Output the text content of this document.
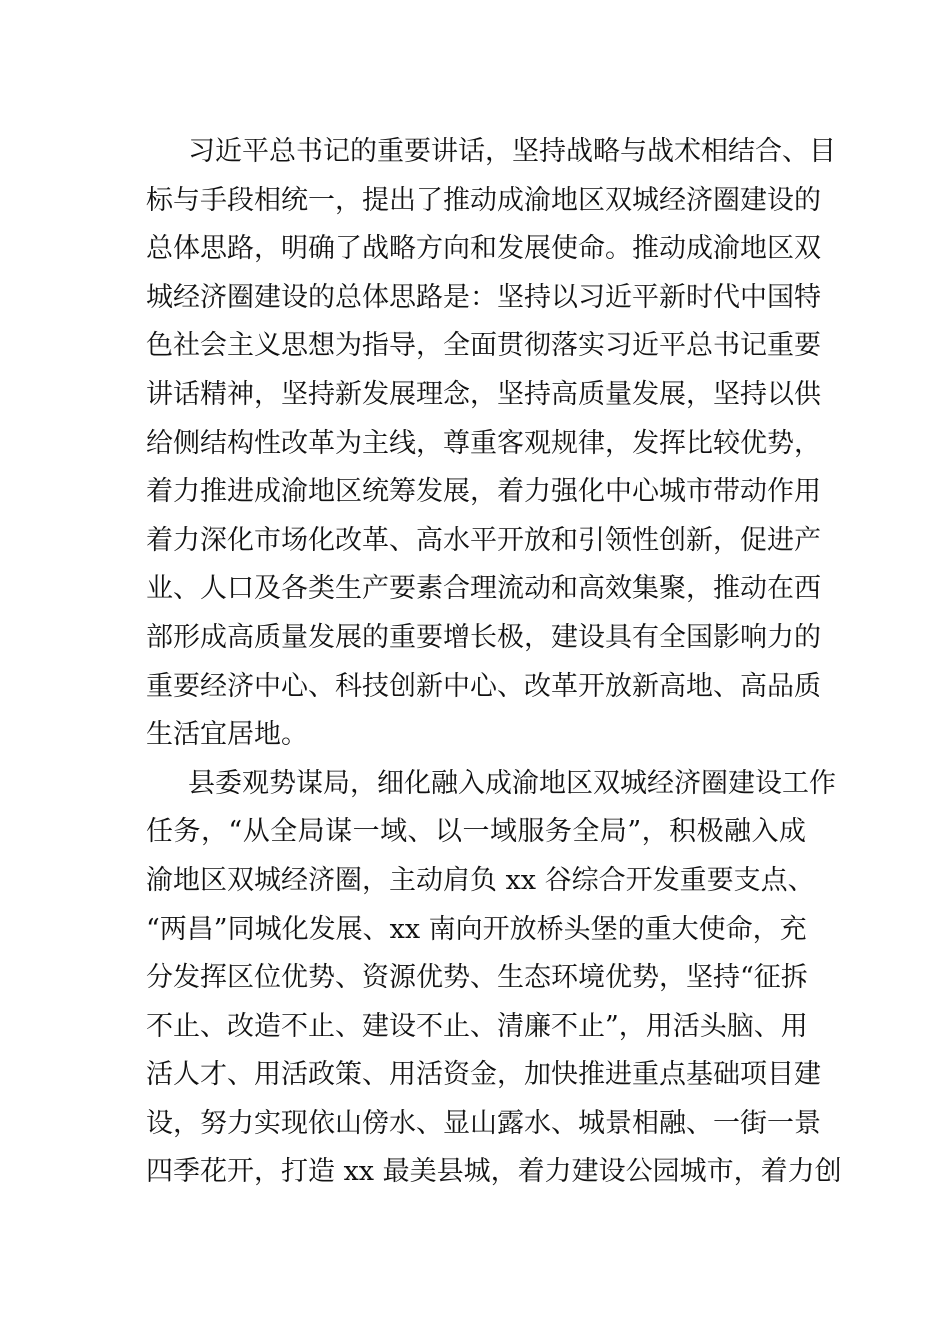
习近平总书记的重要讲话，坚持战略与战术相结合、目
标与手段相统一，提出了推动成渝地区双城经济圈建设的
总体思路，明确了战略方向和发展使命。推动成渝地区双
城经济圈建设的总体思路是：坚持以习近平新时代中国特
色社会主义思想为指导，全面贯彻落实习近平总书记重要
讲话精神，坚持新发展理念，坚持高质量发展，坚持以供
给侧结构性改革为主线，尊重客观规律，发挥比较优势，
着力推进成渝地区统筹发展，着力强化中心城市带动作用
着力深化市场化改革、高水平开放和引领性创新，促进产
业、人口及各类生产要素合理流动和高效集聚，推动在西
部形成高质量发展的重要增长极，建设具有全国影响力的
重要经济中心、科技创新中心、改革开放新高地、高品质
生活宜居地。
县委观势谋局，细化融入成渝地区双城经济圈建设工作
任务，“从全局谋一域、以一域服务全局”，积极融入成
渝地区双城经济圈，主动肩负 xx 谷综合开发重要支点、
“两昌”同城化发展、xx 南向开放桥头堡的重大使命，充
分发挥区位优势、资源优势、生态环境优势，坚持“征拆
不止、改造不止、建设不止、清廉不止”，用活头脑、用
活人才、用活政策、用活资金，加快推进重点基础项目建
设，努力实现依山傍水、显山露水、城景相融、一街一景
四季花开，打造 xx 最美县城，着力建设公园城市，着力创
